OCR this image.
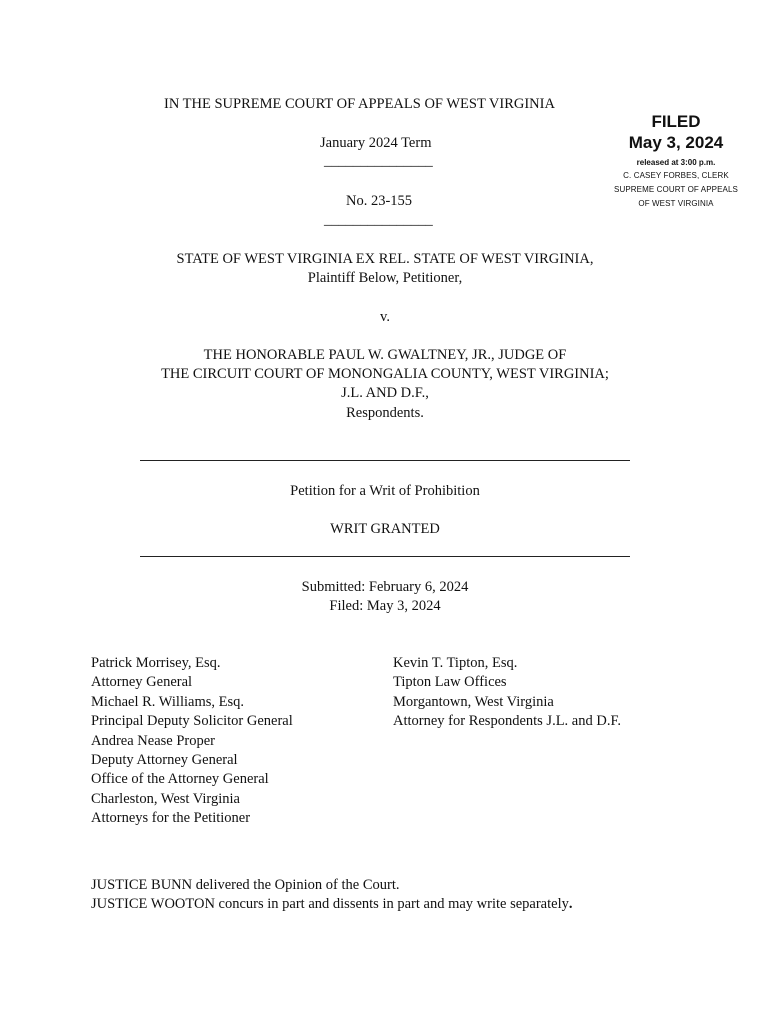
IN THE SUPREME COURT OF APPEALS OF WEST VIRGINIA
January 2024 Term
_______________
No. 23-155
_______________
FILED
May 3, 2024
released at 3:00 p.m.
C. CASEY FORBES, CLERK
SUPREME COURT OF APPEALS
OF WEST VIRGINIA
STATE OF WEST VIRGINIA EX REL. STATE OF WEST VIRGINIA,
Plaintiff Below, Petitioner,
v.
THE HONORABLE PAUL W. GWALTNEY, JR., JUDGE OF
THE CIRCUIT COURT OF MONONGALIA COUNTY, WEST VIRGINIA;
J.L. AND D.F.,
Respondents.
Petition for a Writ of Prohibition
WRIT GRANTED
Submitted: February 6, 2024
Filed: May 3, 2024
Patrick Morrisey, Esq.
Attorney General
Michael R. Williams, Esq.
Principal Deputy Solicitor General
Andrea Nease Proper
Deputy Attorney General
Office of the Attorney General
Charleston, West Virginia
Attorneys for the Petitioner
Kevin T. Tipton, Esq.
Tipton Law Offices
Morgantown, West Virginia
Attorney for Respondents J.L. and D.F.
JUSTICE BUNN delivered the Opinion of the Court.
JUSTICE WOOTON concurs in part and dissents in part and may write separately.
